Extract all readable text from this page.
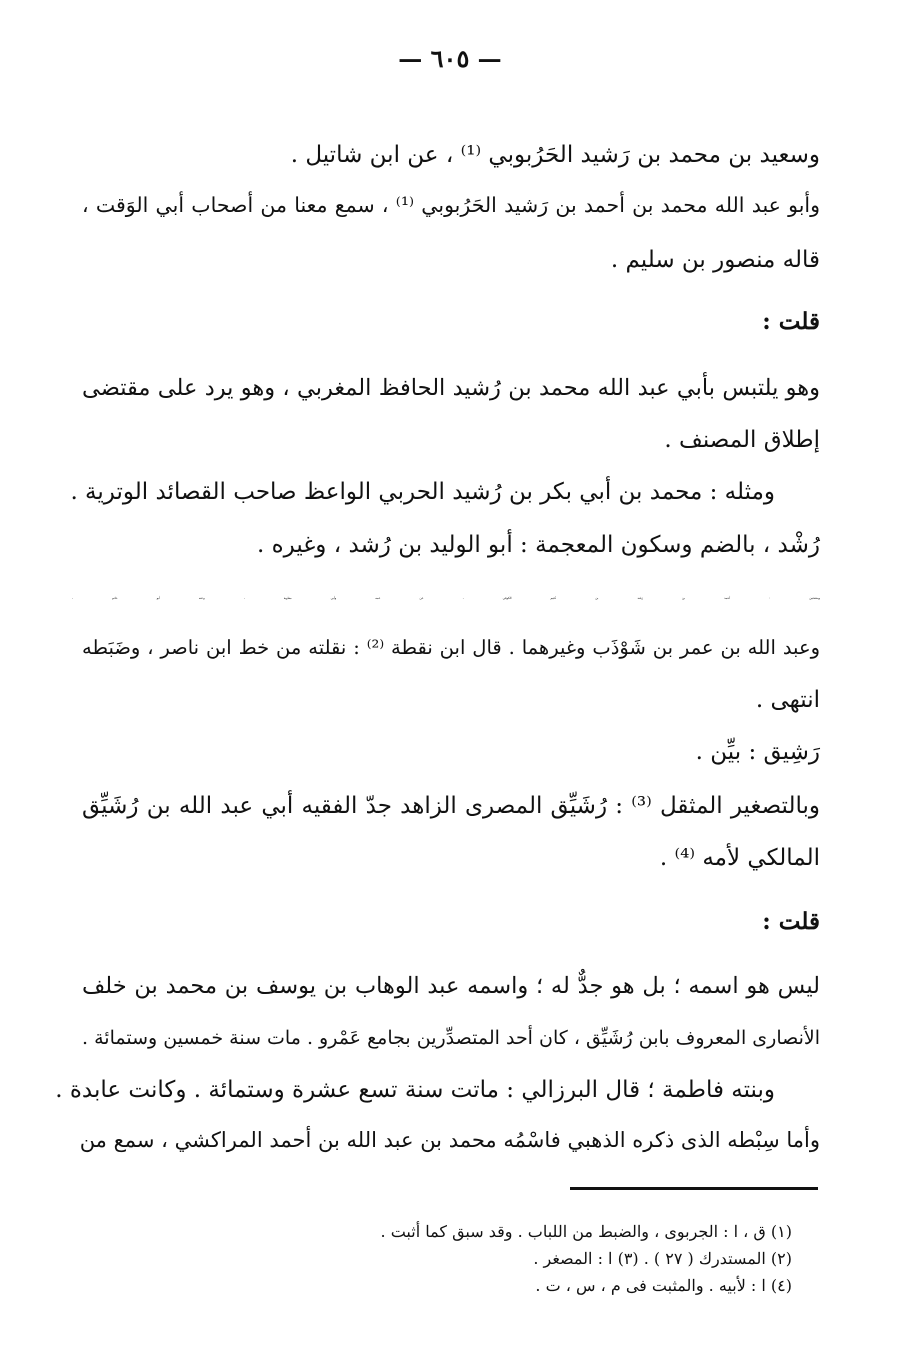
— ٦٠٥ —
وسعيد بن محمد بن رَشيد الحَرُبوبي ⁽¹⁾ ، عن ابن شاتيل .
وأبو عبد الله محمد بن أحمد بن رَشيد الحَرُبوبي ⁽¹⁾ ، سمع معنا من أصحاب أبي الوَقت ،
قاله منصور بن سليم .
قلت :
وهو يلتبس بأبي عبد الله محمد بن رُشيد الحافظ المغربي ، وهو يرد على مقتضى
إطلاق المصنف .
ومثله : محمد بن أبي بكر بن رُشيد الحربي الواعظ صاحب القصائد الوترية .
رُشْد ، بالضم وسكون المعجمة : أبو الوليد بن رُشد ، وغيره .
وبفتحتين : أحمد بن رَشَد بن خُثيم الكوفي ، عن عمه وأبي معاوية ، وعنه أبو حاتم ،
وعبد الله بن عمر بن شَوْذَب وغيرهما . قال ابن نقطة ⁽²⁾ : نقلته من خط ابن ناصر ، وضَبَطه
انتهى .
رَشِيق : بيِّن .
وبالتصغير المثقل ⁽³⁾ : رُشَيِّق المصرى الزاهد جدّ الفقيه أبي عبد الله بن رُشَيِّق
المالكي لأمه ⁽⁴⁾ .
قلت :
ليس هو اسمه ؛ بل هو جدٌّ له ؛ واسمه عبد الوهاب بن يوسف بن محمد بن خلف
الأنصارى المعروف بابن رُشَيِّق ، كان أحد المتصدِّرين بجامع عَمْرو . مات سنة خمسين وستمائة .
وبنته فاطمة ؛ قال البرزالي : ماتت سنة تسع عشرة وستمائة . وكانت عابدة .
وأما سِبْطه الذى ذكره الذهبي فاسْمُه محمد بن عبد الله بن أحمد المراكشي ، سمع من
(١) ق ، ا : الجربوى ، والضبط من اللباب . وقد سبق كما أثبت .
(٢) المستدرك ( ٢٧ ) . (٣) ا : المصغر .
(٤) ا : لأبيه . والمثبت فى م ، س ، ت .
